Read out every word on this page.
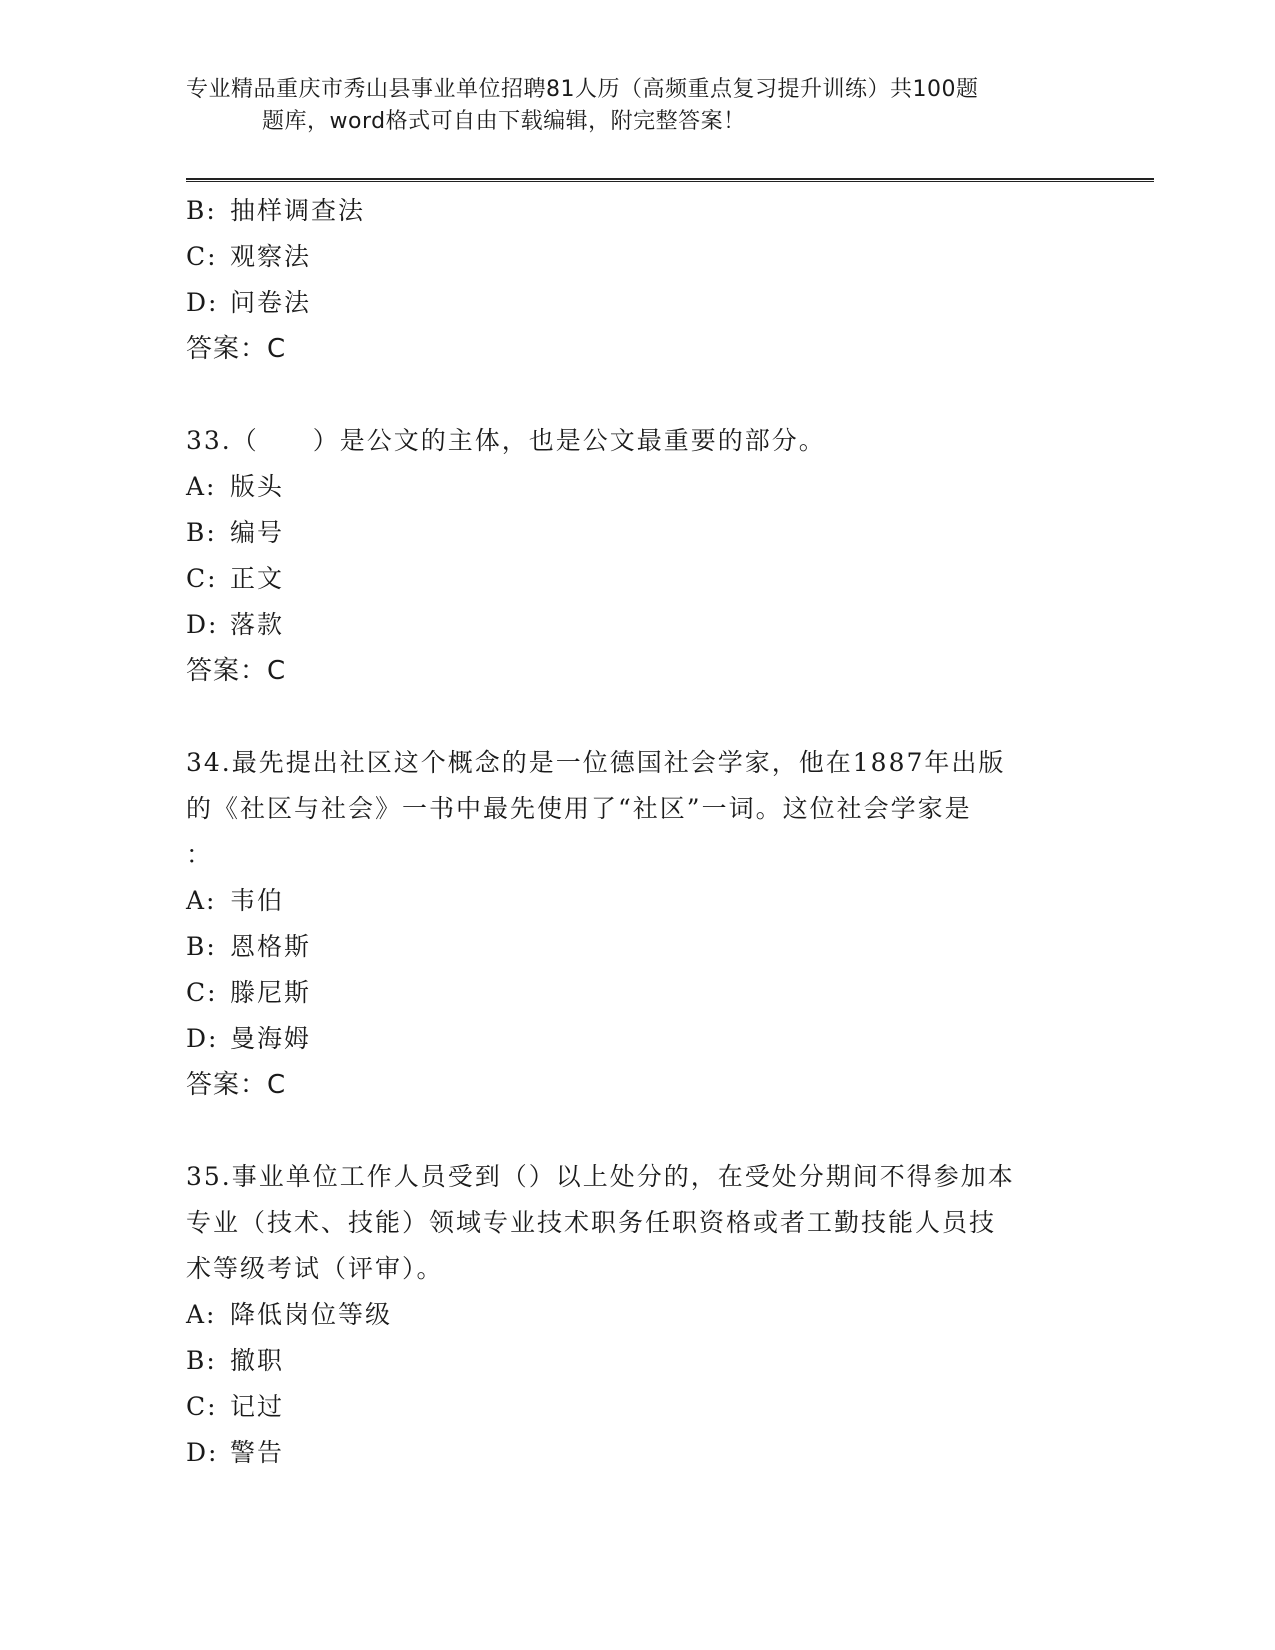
专业精品重庆市秀山县事业单位招聘81人历（高频重点复习提升训练）共100题
题库，word格式可自由下载编辑，附完整答案！
B: 抽样调查法
C: 观察法
D: 问卷法
答案：C
33.（　　）是公文的主体，也是公文最重要的部分。
A: 版头
B: 编号
C: 正文
D: 落款
答案：C
34.最先提出社区这个概念的是一位德国社会学家，他在1887年出版
的《社区与社会》一书中最先使用了“社区”一词。这位社会学家是
：
A: 韦伯
B: 恩格斯
C: 滕尼斯
D: 曼海姆
答案：C
35.事业单位工作人员受到（）以上处分的，在受处分期间不得参加本
专业（技术、技能）领域专业技术职务任职资格或者工勤技能人员技
术等级考试（评审）。
A: 降低岗位等级
B: 撤职
C: 记过
D: 警告
